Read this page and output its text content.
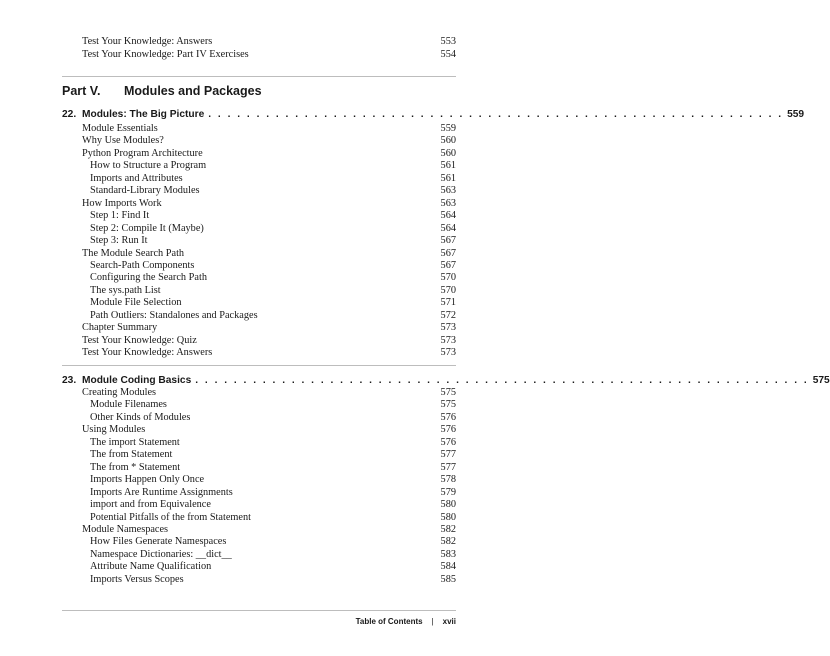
Test Your Knowledge: Answers	553
Test Your Knowledge: Part IV Exercises	554
Part V. Modules and Packages
22. Modules: The Big Picture . . . . . . . . . . . . . . . . . . . . . . . . . . . . . . . . . . . . . . . . . . . . . . . . . . . . . . . . . . . . 559
Module Essentials	559
Why Use Modules?	560
Python Program Architecture	560
How to Structure a Program	561
Imports and Attributes	561
Standard-Library Modules	563
How Imports Work	563
Step 1: Find It	564
Step 2: Compile It (Maybe)	564
Step 3: Run It	567
The Module Search Path	567
Search-Path Components	567
Configuring the Search Path	570
The sys.path List	570
Module File Selection	571
Path Outliers: Standalones and Packages	572
Chapter Summary	573
Test Your Knowledge: Quiz	573
Test Your Knowledge: Answers	573
23. Module Coding Basics . . . . . . . . . . . . . . . . . . . . . . . . . . . . . . . . . . . . . . . . . . . . . . . . . . . . . . . . . . . . . . . . 575
Creating Modules	575
Module Filenames	575
Other Kinds of Modules	576
Using Modules	576
The import Statement	576
The from Statement	577
The from * Statement	577
Imports Happen Only Once	578
Imports Are Runtime Assignments	579
import and from Equivalence	580
Potential Pitfalls of the from Statement	580
Module Namespaces	582
How Files Generate Namespaces	582
Namespace Dictionaries: __dict__	583
Attribute Name Qualification	584
Imports Versus Scopes	585
Table of Contents | xvii
